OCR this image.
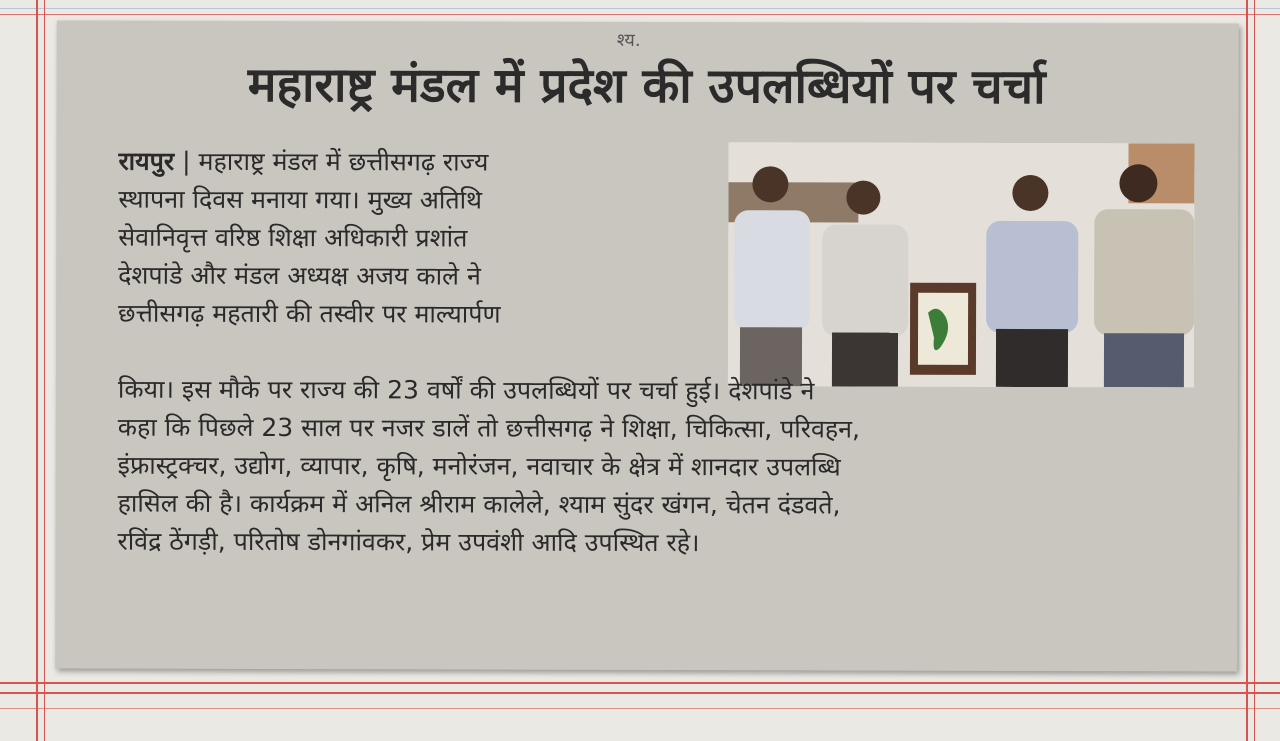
श्य.
महाराष्ट्र मंडल में प्रदेश की उपलब्धियों पर चर्चा
रायपुर | महाराष्ट्र मंडल में छत्तीसगढ़ राज्य
स्थापना दिवस मनाया गया। मुख्य अतिथि
सेवानिवृत्त वरिष्ठ शिक्षा अधिकारी प्रशांत
देशपांडे और मंडल अध्यक्ष अजय काले ने
छत्तीसगढ़ महतारी की तस्वीर पर माल्यार्पण
किया। इस मौके पर राज्य की 23 वर्षों की उपलब्धियों पर चर्चा हुई। देशपांडे ने
कहा कि पिछले 23 साल पर नजर डालें तो छत्तीसगढ़ ने शिक्षा, चिकित्सा, परिवहन,
इंफ्रास्ट्रक्चर, उद्योग, व्यापार, कृषि, मनोरंजन, नवाचार के क्षेत्र में शानदार उपलब्धि
हासिल की है। कार्यक्रम में अनिल श्रीराम कालेले, श्याम सुंदर खंगन, चेतन दंडवते,
रविंद्र ठेंगड़ी, परितोष डोनगांवकर, प्रेम उपवंशी आदि उपस्थित रहे।
